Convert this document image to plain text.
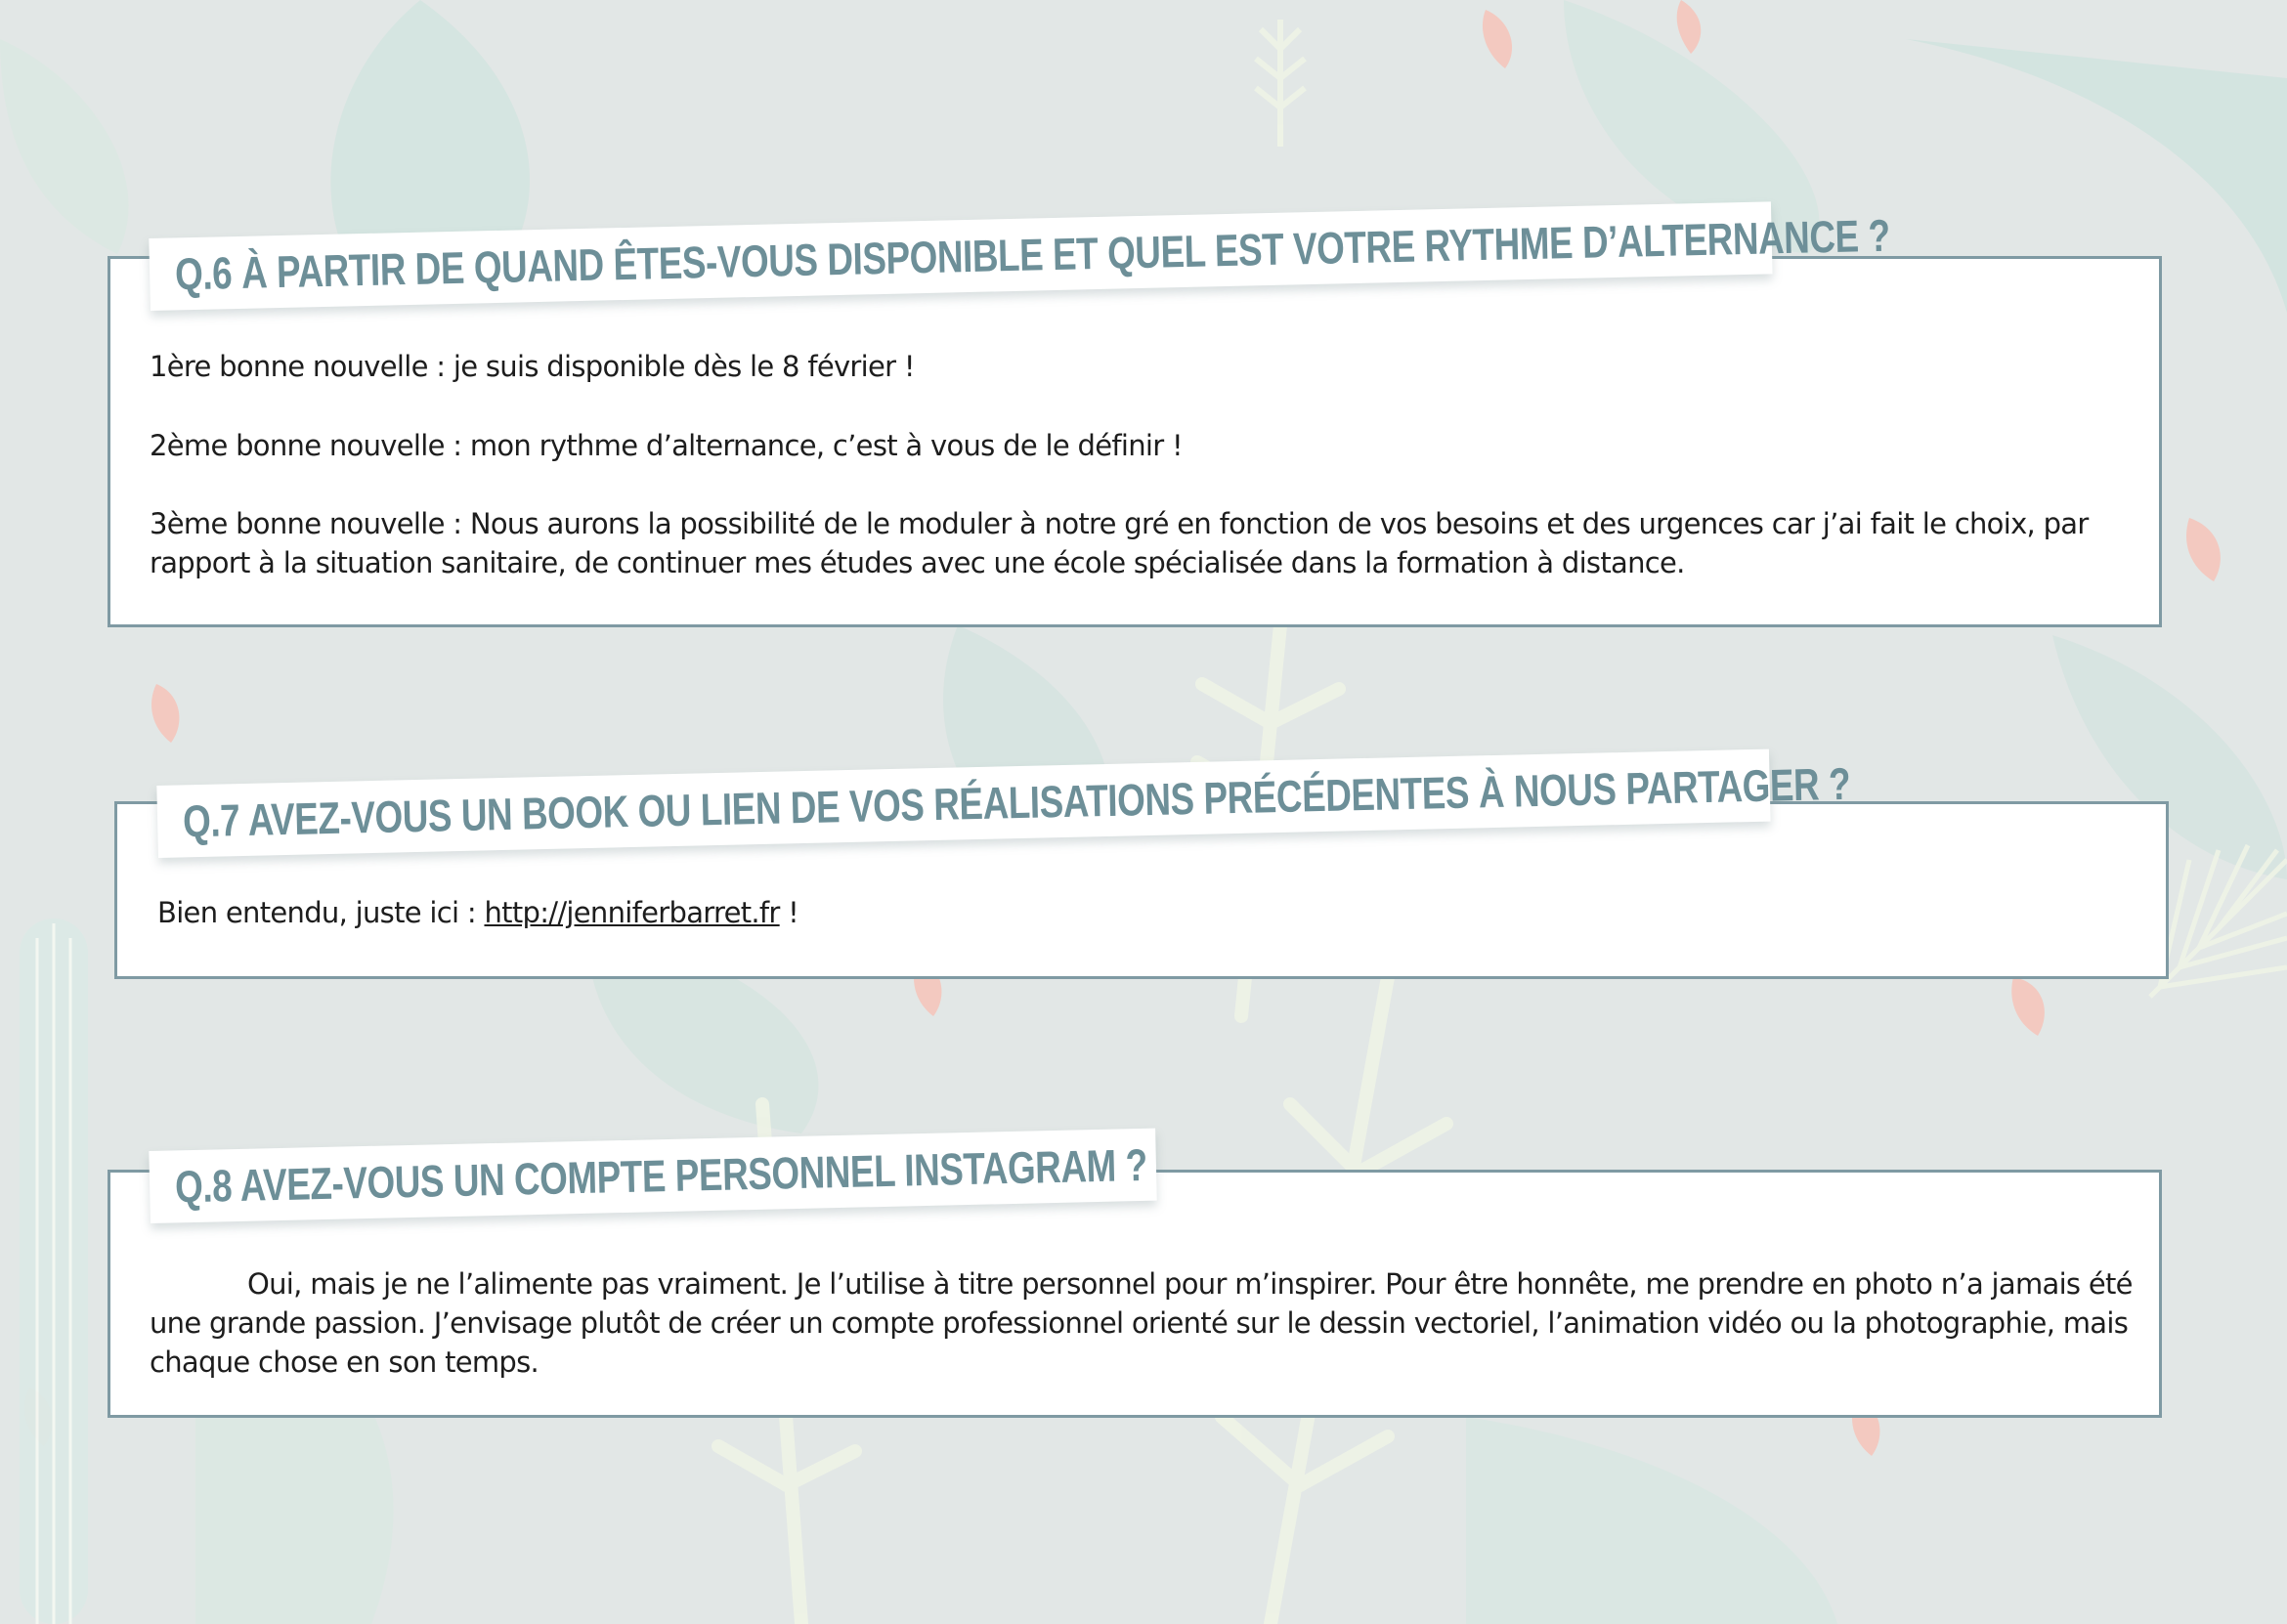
Q.6 À PARTIR DE QUAND ÊTES-VOUS DISPONIBLE ET QUEL EST VOTRE RYTHME D’ALTERNANCE ?
1ère bonne nouvelle : je suis disponible dès le 8 février !
2ème bonne nouvelle : mon rythme d’alternance, c’est à vous de le définir !
3ème bonne nouvelle : Nous aurons la possibilité de le moduler à notre gré en fonction de vos besoins et des urgences car j’ai fait le choix, par rapport à la situation sanitaire, de continuer mes études avec une école spécialisée dans la formation à distance.
Q.7 AVEZ-VOUS UN BOOK OU LIEN DE VOS RÉALISATIONS PRÉCÉDENTES À NOUS PARTAGER ?
Bien entendu, juste ici : http://jenniferbarret.fr !
Q.8 AVEZ-VOUS UN COMPTE PERSONNEL INSTAGRAM ?
Oui, mais je ne l’alimente pas vraiment. Je l’utilise à titre personnel pour m’inspirer. Pour être honnête, me prendre en photo n’a jamais été une grande passion. J’envisage plutôt de créer un compte professionnel orienté sur le dessin vectoriel, l’animation vidéo ou la photographie, mais chaque chose en son temps.
